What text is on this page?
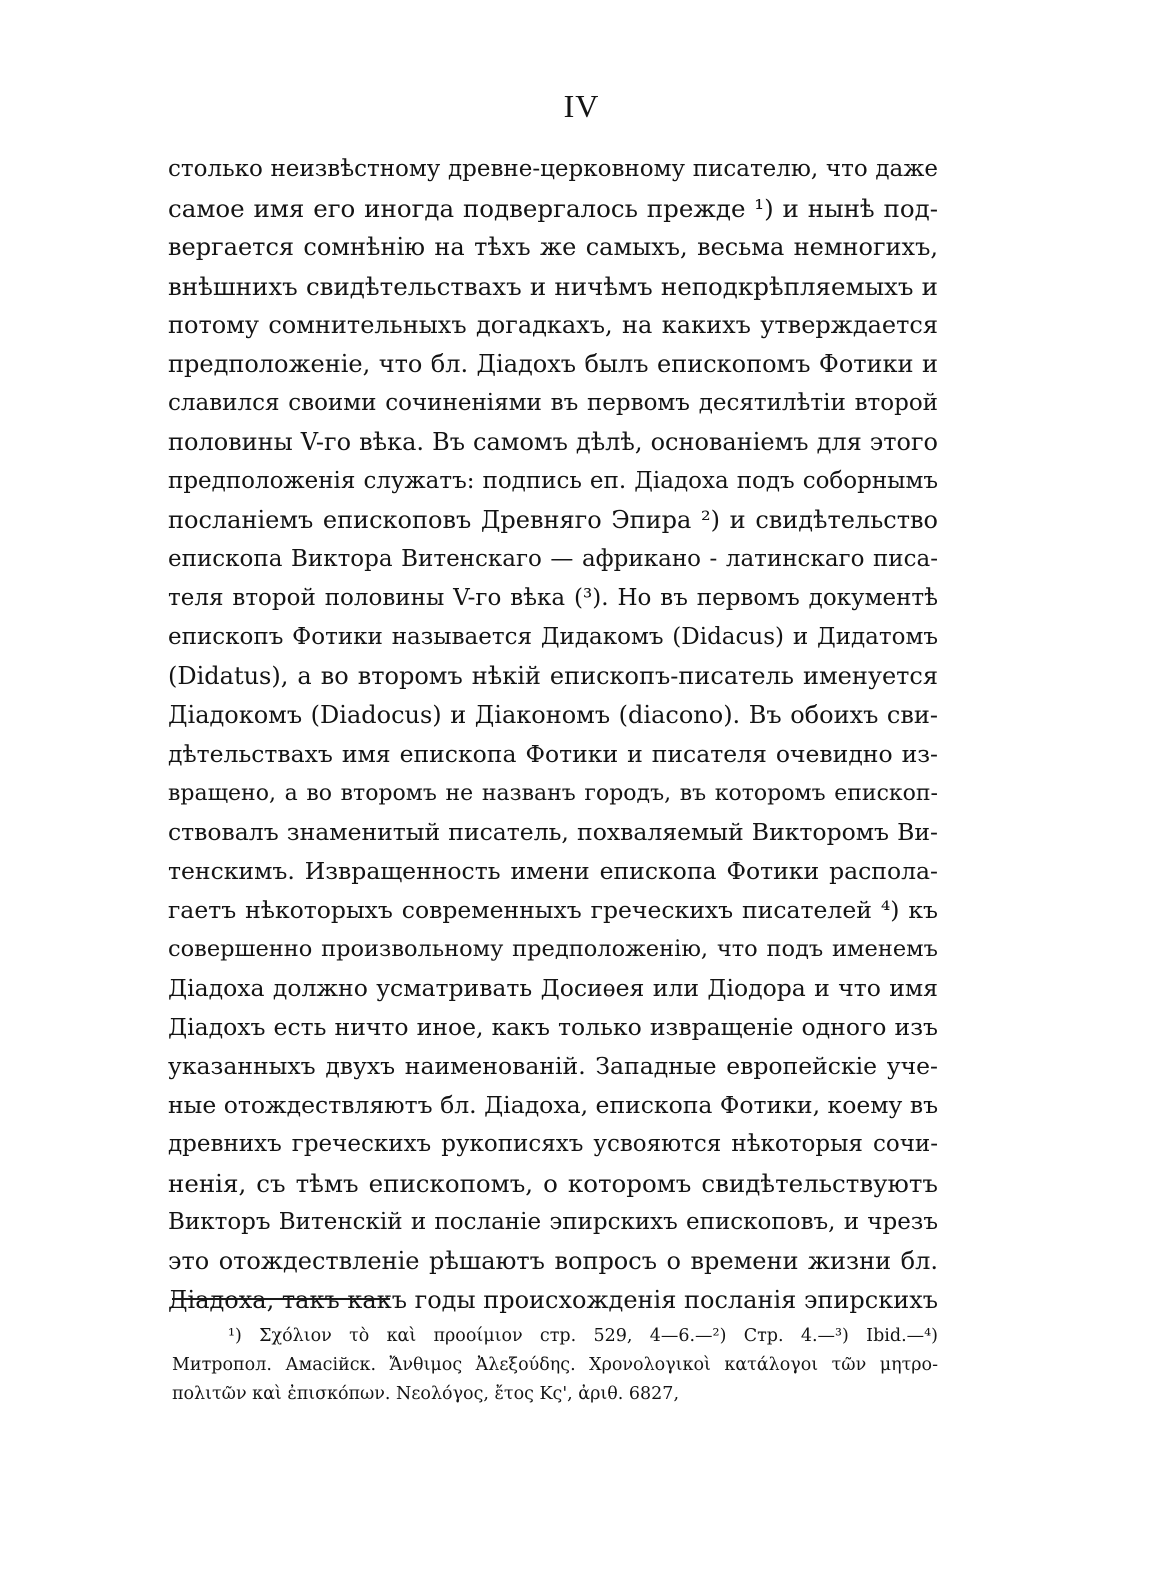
IV
столько неизвѣстному древне-церковному писателю, что даже
самое имя его иногда подвергалось прежде ¹) и нынѣ под-
вергается сомнѣнію на тѣхъ же самыхъ, весьма немногихъ,
внѣшнихъ свидѣтельствахъ и ничѣмъ неподкрѣпляемыхъ и
потому сомнительныхъ догадкахъ, на какихъ утверждается
предположеніе, что бл. Діадохъ былъ епископомъ Фотики и
славился своими сочиненіями въ первомъ десятилѣтіи второй
половины V-го вѣка. Въ самомъ дѣлѣ, основаніемъ для этого
предположенія служатъ: подпись еп. Діадоха подъ соборнымъ
посланіемъ епископовъ Древняго Эпира ²) и свидѣтельство
епископа Виктора Витенскаго — африкано - латинскаго писа-
теля второй половины V-го вѣка (³). Но въ первомъ документѣ
епископъ Фотики называется Дидакомъ (Didacus) и Дидатомъ
(Didatus), а во второмъ нѣкій епископъ-писатель именуется
Діадокомъ (Diadocus) и Діакономъ (diacono). Въ обоихъ сви-
дѣтельствахъ имя епископа Фотики и писателя очевидно из-
вращено, а во второмъ не названъ городъ, въ которомъ епископ-
ствовалъ знаменитый писатель, похваляемый Викторомъ Ви-
тенскимъ. Извращенность имени епископа Фотики распола-
гаетъ нѣкоторыхъ современныхъ греческихъ писателей ⁴) къ
совершенно произвольному предположенію, что подъ именемъ
Діадоха должно усматривать Досиѳея или Діодора и что имя
Діадохъ есть ничто иное, какъ только извращеніе одного изъ
указанныхъ двухъ наименованій. Западные европейскіе уче-
ные отождествляютъ бл. Діадоха, епископа Фотики, коему въ
древнихъ греческихъ рукописяхъ усвояются нѣкоторыя сочи-
ненія, съ тѣмъ епископомъ, о которомъ свидѣтельствуютъ
Викторъ Витенскій и посланіе эпирскихъ епископовъ, и чрезъ
это отождествленіе рѣшаютъ вопросъ о времени жизни бл.
Діадоха, такъ какъ годы происхожденія посланія эпирскихъ
¹) Σχόλιον τὸ καὶ προοίμιον стр. 529, 4—6.—²) Стр. 4.—³) Ibid.—⁴)
Митропол. Амасійск. Ἄνθιμος Ἀλεξούδης. Χρονολογικοὶ κατάλογοι τῶν μητρο-
πολιτῶν καὶ ἐπισκόπων. Νεολόγος, ἔτος Κς', ἀριθ. 6827,
